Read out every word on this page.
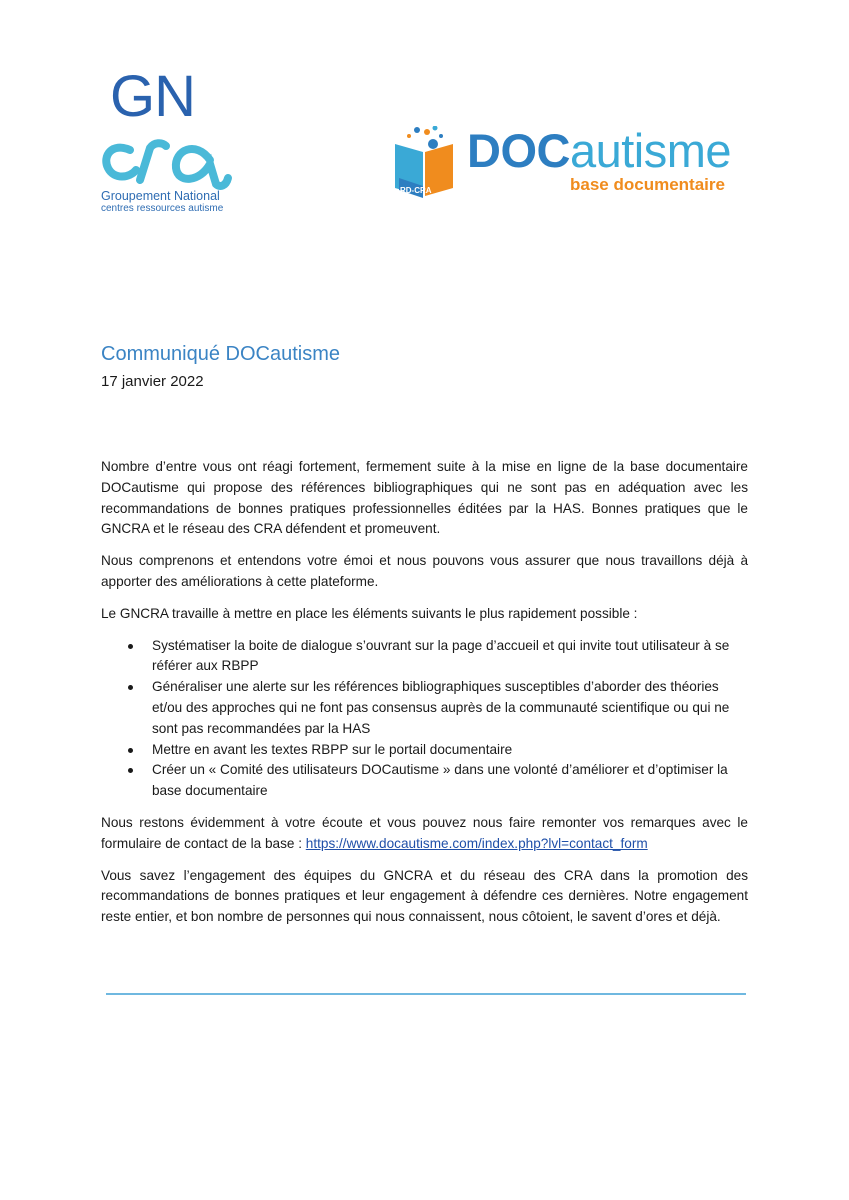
GN
Groupement National
centres ressources autisme
RD-CRA
DOCautisme
base documentaire
Communiqué DOCautisme
17 janvier 2022

Nombre d’entre vous ont réagi fortement, fermement suite à la mise en ligne de la base documentaire DOCautisme qui propose des références bibliographiques qui ne sont pas en adéquation avec les recommandations de bonnes pratiques professionnelles éditées par la HAS. Bonnes pratiques que le GNCRA et le réseau des CRA défendent et promeuvent.

Nous comprenons et entendons votre émoi et nous pouvons vous assurer que nous travaillons déjà à apporter des améliorations à cette plateforme.

Le GNCRA travaille à mettre en place les éléments suivants le plus rapidement possible :

Systématiser la boite de dialogue s’ouvrant sur la page d’accueil et qui invite tout utilisateur à se référer aux RBPP
Généraliser une alerte sur les références bibliographiques susceptibles d’aborder des théories et/ou des approches qui ne font pas consensus auprès de la communauté scientifique ou qui ne sont pas recommandées par la HAS
Mettre en avant les textes RBPP sur le portail documentaire
Créer un « Comité des utilisateurs DOCautisme » dans une volonté d’améliorer et d’optimiser la base documentaire

Nous restons évidemment à votre écoute et vous pouvez nous faire remonter vos remarques avec le formulaire de contact de la base : https://www.docautisme.com/index.php?lvl=contact_form

Vous savez l’engagement des équipes du GNCRA et du réseau des CRA dans la promotion des recommandations de bonnes pratiques et leur engagement à défendre ces dernières. Notre engagement reste entier, et bon nombre de personnes qui nous connaissent, nous côtoient, le savent d’ores et déjà.
